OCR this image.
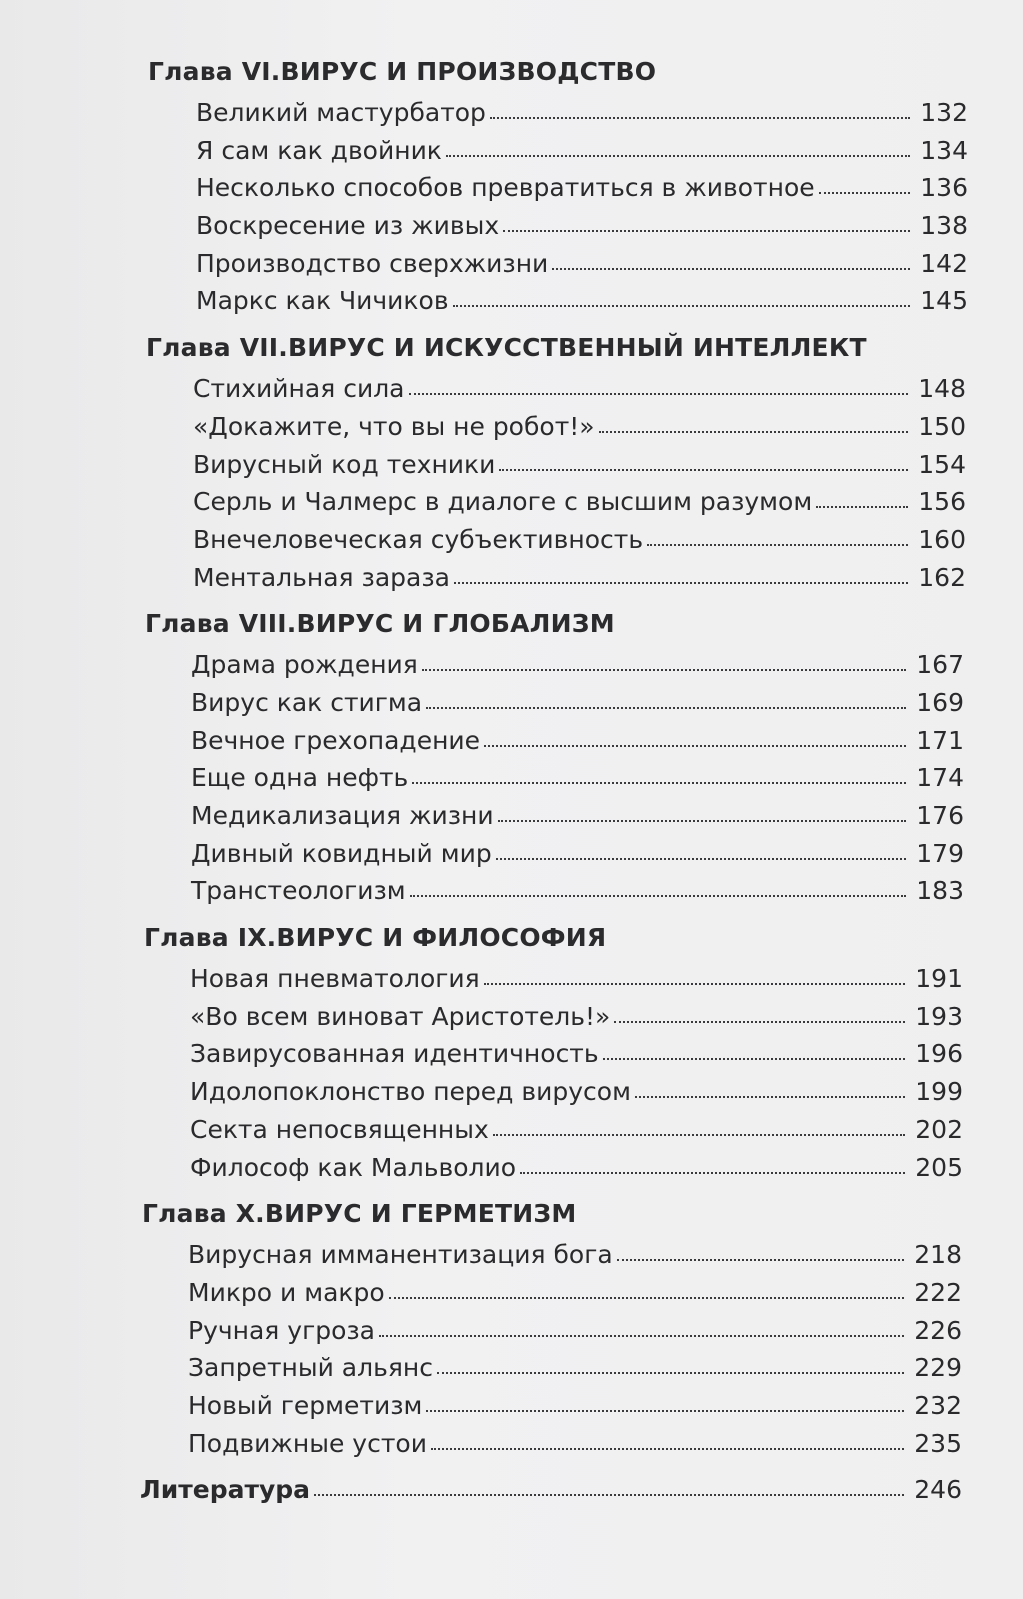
Глава VI.ВИРУС И ПРОИЗВОДСТВО
Великий мастурбатор	132
Я сам как двойник	134
Несколько способов превратиться в животное	136
Воскресение из живых	138
Производство сверхжизни	142
Маркс как Чичиков	145
Глава VII.ВИРУС И ИСКУССТВЕННЫЙ ИНТЕЛЛЕКТ
Стихийная сила	148
«Докажите, что вы не робот!»	150
Вирусный код техники	154
Серль и Чалмерс в диалоге с высшим разумом	156
Внечеловеческая субъективность	160
Ментальная зараза	162
Глава VIII.ВИРУС И ГЛОБАЛИЗМ
Драма рождения	167
Вирус как стигма	169
Вечное грехопадение	171
Еще одна нефть	174
Медикализация жизни	176
Дивный ковидный мир	179
Транстеологизм	183
Глава IX.ВИРУС И ФИЛОСОФИЯ
Новая пневматология	191
«Во всем виноват Аристотель!»	193
Завирусованная идентичность	196
Идолопоклонство перед вирусом	199
Секта непосвященных	202
Философ как Мальволио	205
Глава X.ВИРУС И ГЕРМЕТИЗМ
Вирусная имманентизация бога	218
Микро и макро	222
Ручная угроза	226
Запретный альянс	229
Новый герметизм	232
Подвижные устои	235
Литература	246
